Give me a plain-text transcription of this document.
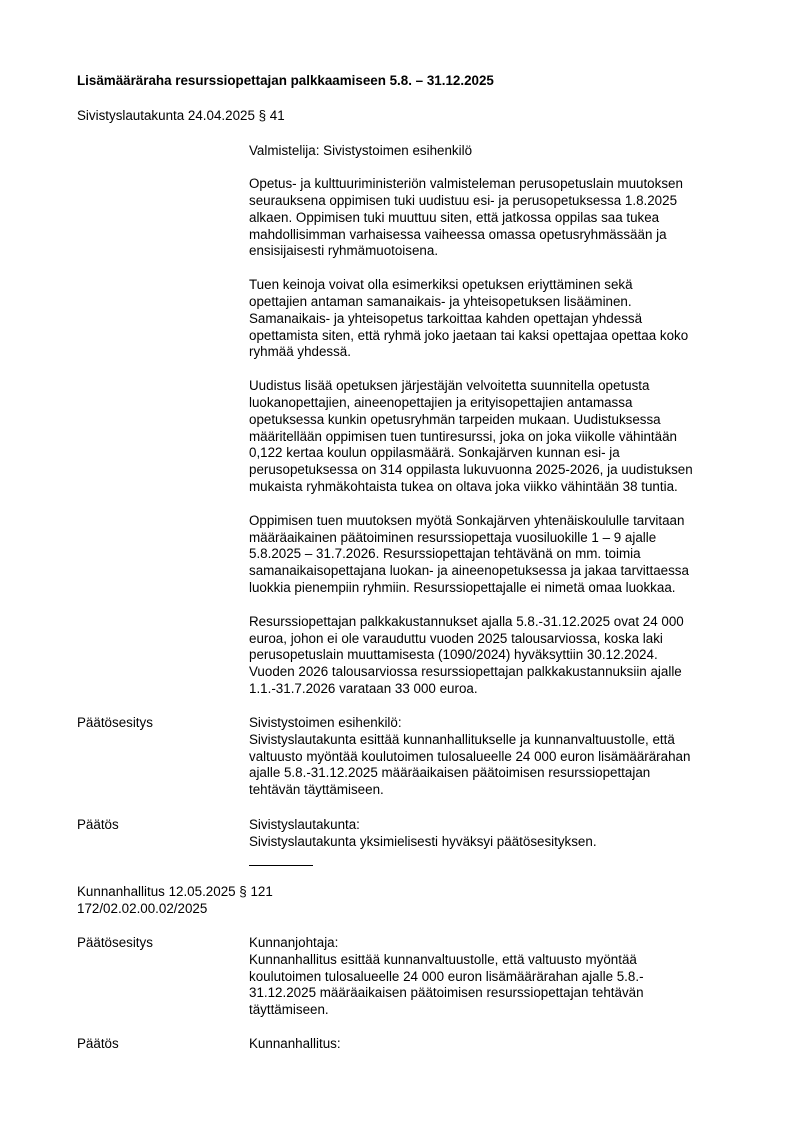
Lisämääräraha resurssiopettajan palkkaamiseen 5.8. – 31.12.2025
Sivistyslautakunta 24.04.2025 § 41

Valmistelija: Sivistystoimen esihenkilö

Opetus- ja kulttuuriministeriön valmisteleman perusopetuslain muutoksen
seurauksena oppimisen tuki uudistuu esi- ja perusopetuksessa 1.8.2025
alkaen. Oppimisen tuki muuttuu siten, että jatkossa oppilas saa tukea
mahdollisimman varhaisessa vaiheessa omassa opetusryhmässään ja
ensisijaisesti ryhmämuotoisena.
Tuen keinoja voivat olla esimerkiksi opetuksen eriyttäminen sekä
opettajien antaman samanaikais- ja yhteisopetuksen lisääminen.
Samanaikais- ja yhteisopetus tarkoittaa kahden opettajan yhdessä
opettamista siten, että ryhmä joko jaetaan tai kaksi opettajaa opettaa koko
ryhmää yhdessä.
Uudistus lisää opetuksen järjestäjän velvoitetta suunnitella opetusta
luokanopettajien, aineenopettajien ja erityisopettajien antamassa
opetuksessa kunkin opetusryhmän tarpeiden mukaan. Uudistuksessa
määritellään oppimisen tuen tuntiresurssi, joka on joka viikolle vähintään
0,122 kertaa koulun oppilasmäärä. Sonkajärven kunnan esi- ja
perusopetuksessa on 314 oppilasta lukuvuonna 2025-2026, ja uudistuksen
mukaista ryhmäkohtaista tukea on oltava joka viikko vähintään 38 tuntia.
Oppimisen tuen muutoksen myötä Sonkajärven yhtenäiskoululle tarvitaan
määräaikainen päätoiminen resurssiopettaja vuosiluokille 1 – 9 ajalle
5.8.2025 – 31.7.2026. Resurssiopettajan tehtävänä on mm. toimia
samanaikaisopettajana luokan- ja aineenopetuksessa ja jakaa tarvittaessa
luokkia pienempiin ryhmiin. Resurssiopettajalle ei nimetä omaa luokkaa.
Resurssiopettajan palkkakustannukset ajalla 5.8.-31.12.2025 ovat 24 000
euroa, johon ei ole varauduttu vuoden 2025 talousarviossa, koska laki
perusopetuslain muuttamisesta (1090/2024) hyväksyttiin 30.12.2024.
Vuoden 2026 talousarviossa resurssiopettajan palkkakustannuksiin ajalle
1.1.-31.7.2026 varataan 33 000 euroa.
Päätösesitys	Sivistystoimen esihenkilö:
Sivistyslautakunta esittää kunnanhallitukselle ja kunnanvaltuustolle, että
valtuusto myöntää koulutoimen tulosalueelle 24 000 euron lisämäärärahan
ajalle 5.8.-31.12.2025 määräaikaisen päätoimisen resurssiopettajan
tehtävän täyttämiseen.
Päätös	Sivistyslautakunta:
Sivistyslautakunta yksimielisesti hyväksyi päätösesityksen.
Kunnanhallitus 12.05.2025 § 121
172/02.02.00.02/2025
Päätösesitys	Kunnanjohtaja:
Kunnanhallitus esittää kunnanvaltuustolle, että valtuusto myöntää
koulutoimen tulosalueelle 24 000 euron lisämäärärahan ajalle 5.8.-
31.12.2025 määräaikaisen päätoimisen resurssiopettajan tehtävän
täyttämiseen.
Päätös	Kunnanhallitus:
